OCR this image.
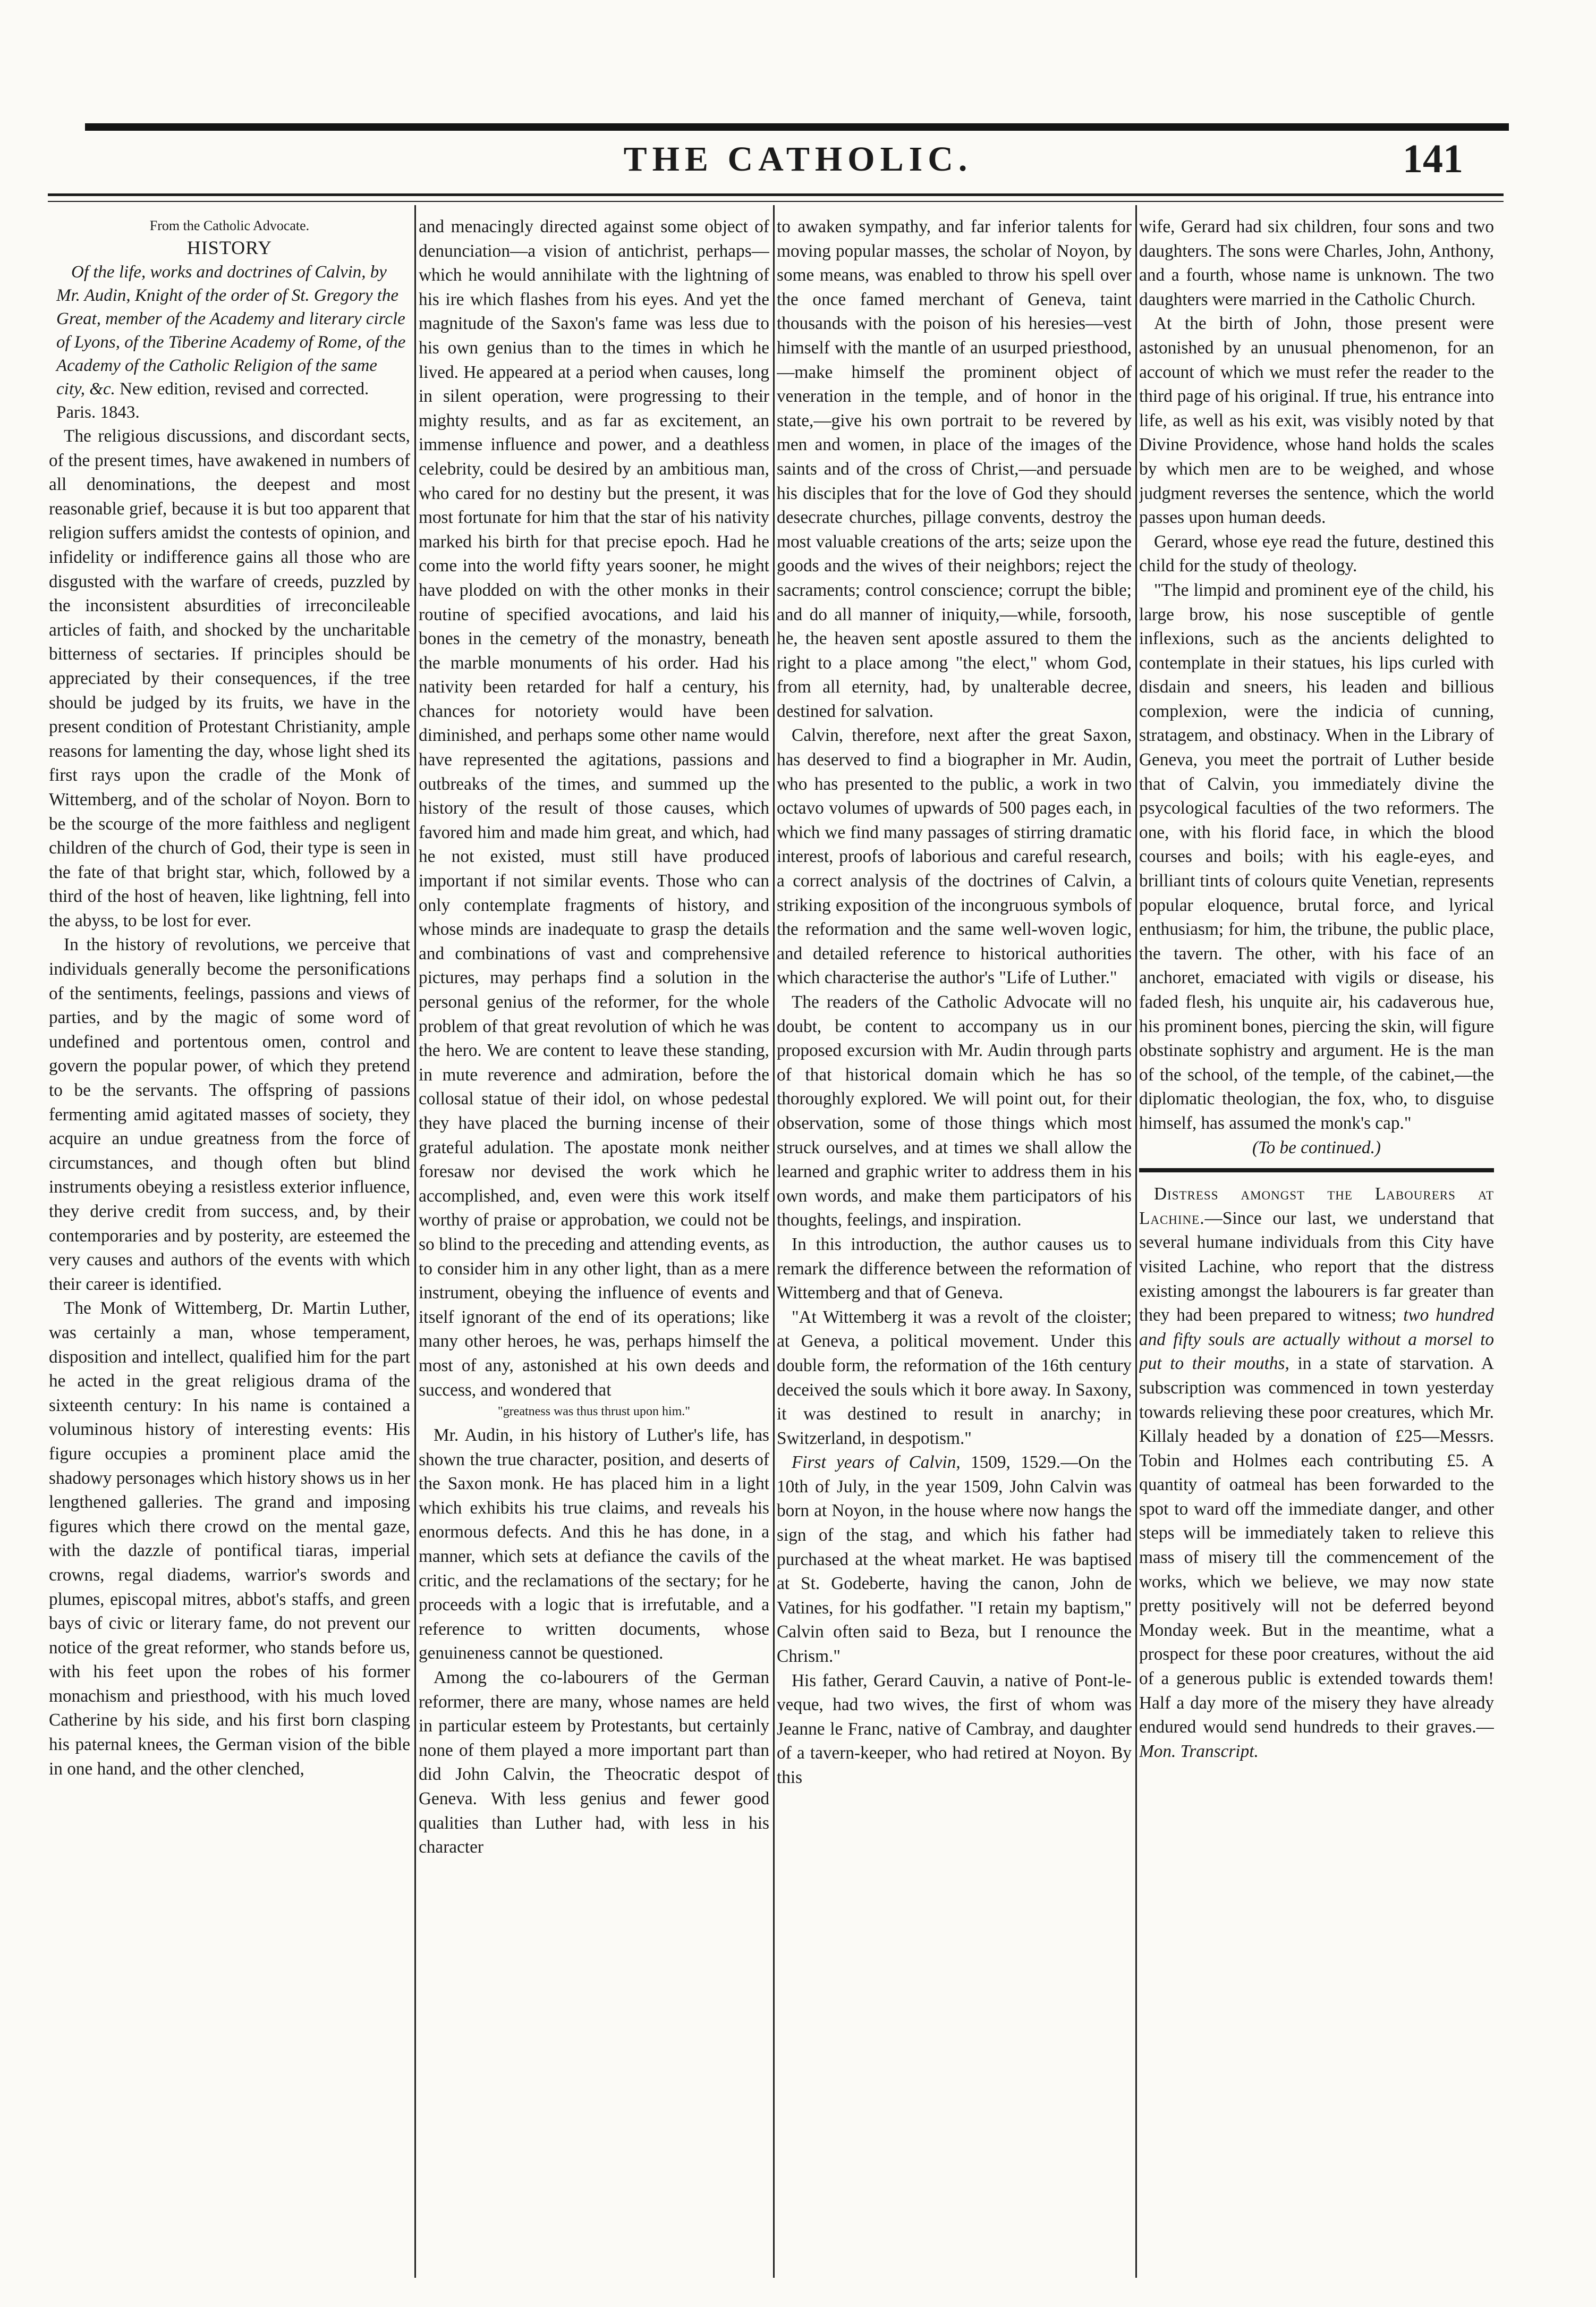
THE CATHOLIC.	141
From the Catholic Advocate.
HISTORY

Of the life, works and doctrines of Calvin, by Mr. Audin, Knight of the order of St. Gregory the Great, member of the Academy and literary circle of Lyons, of the Tiberine Academy of Rome, of the Academy of the Catholic Religion of the same city, &c. New edition, revised and corrected. Paris. 1843.

The religious discussions, and discordant sects, of the present times, have awakened in numbers of all denominations, the deepest and most reasonable grief, because it is but too apparent that religion suffers amidst the contests of opinion, and infidelity or indifference gains all those who are disgusted with the warfare of creeds, puzzled by the inconsistent absurdities of irreconcileable articles of faith, and shocked by the uncharitable bitterness of sectaries. If principles should be appreciated by their consequences, if the tree should be judged by its fruits, we have in the present condition of Protestant Christianity, ample reasons for lamenting the day, whose light shed its first rays upon the cradle of the Monk of Wittemberg, and of the scholar of Noyon. Born to be the scourge of the more faithless and negligent children of the church of God, their type is seen in the fate of that bright star, which, followed by a third of the host of heaven, like lightning, fell into the abyss, to be lost for ever.

In the history of revolutions, we perceive that individuals generally become the personifications of the sentiments, feelings, passions and views of parties, and by the magic of some word of undefined and portentous omen, control and govern the popular power, of which they pretend to be the servants. The offspring of passions fermenting amid agitated masses of society, they acquire an undue greatness from the force of circumstances, and though often but blind instruments obeying a resistless exterior influence, they derive credit from success, and, by their contemporaries and by posterity, are esteemed the very causes and authors of the events with which their career is identified.

The Monk of Wittemberg, Dr. Martin Luther, was certainly a man, whose temperament, disposition and intellect, qualified him for the part he acted in the great religious drama of the sixteenth century: In his name is contained a voluminous history of interesting events: His figure occupies a prominent place amid the shadowy personages which history shows us in her lengthened galleries. The grand and imposing figures which there crowd on the mental gaze, with the dazzle of pontifical tiaras, imperial crowns, regal diadems, warrior's swords and plumes, episcopal mitres, abbot's staffs, and green bays of civic or literary fame, do not prevent our notice of the great reformer, who stands before us, with his feet upon the robes of his former monachism and priesthood, with his much loved Catherine by his side, and his first born clasping his paternal knees, the German vision of the bible in one hand, and the other clenched,

and menacingly directed against some object of denunciation—a vision of antichrist, perhaps—which he would annihilate with the lightning of his ire which flashes from his eyes. And yet the magnitude of the Saxon's fame was less due to his own genius than to the times in which he lived. He appeared at a period when causes, long in silent operation, were progressing to their mighty results, and as far as excitement, an immense influence and power, and a deathless celebrity, could be desired by an ambitious man, who cared for no destiny but the present, it was most fortunate for him that the star of his nativity marked his birth for that precise epoch. Had he come into the world fifty years sooner, he might have plodded on with the other monks in their routine of specified avocations, and laid his bones in the cemetry of the monastry, beneath the marble monuments of his order. Had his nativity been retarded for half a century, his chances for notoriety would have been diminished, and perhaps some other name would have represented the agitations, passions and outbreaks of the times, and summed up the history of the result of those causes, which favored him and made him great, and which, had he not existed, must still have produced important if not similar events. Those who can only contemplate fragments of history, and whose minds are inadequate to grasp the details and combinations of vast and comprehensive pictures, may perhaps find a solution in the personal genius of the reformer, for the whole problem of that great revolution of which he was the hero. We are content to leave these standing, in mute reverence and admiration, before the collosal statue of their idol, on whose pedestal they have placed the burning incense of their grateful adulation. The apostate monk neither foresaw nor devised the work which he accomplished, and, even were this work itself worthy of praise or approbation, we could not be so blind to the preceding and attending events, as to consider him in any other light, than as a mere instrument, obeying the influence of events and itself ignorant of the end of its operations; like many other heroes, he was, perhaps himself the most of any, astonished at his own deeds and success, and wondered that

"greatness was thus thrust upon him."

Mr. Audin, in his history of Luther's life, has shown the true character, position, and deserts of the Saxon monk. He has placed him in a light which exhibits his true claims, and reveals his enormous defects. And this he has done, in a manner, which sets at defiance the cavils of the critic, and the reclamations of the sectary; for he proceeds with a logic that is irrefutable, and a reference to written documents, whose genuineness cannot be questioned.

Among the co-labourers of the German reformer, there are many, whose names are held in particular esteem by Protestants, but certainly none of them played a more important part than did John Calvin, the Theocratic despot of Geneva. With less genius and fewer good qualities than Luther had, with less in his character

to awaken sympathy, and far inferior talents for moving popular masses, the scholar of Noyon, by some means, was enabled to throw his spell over the once famed merchant of Geneva, taint thousands with the poison of his heresies—vest himself with the mantle of an usurped priesthood,—make himself the prominent object of veneration in the temple, and of honor in the state,—give his own portrait to be revered by men and women, in place of the images of the saints and of the cross of Christ,—and persuade his disciples that for the love of God they should desecrate churches, pillage convents, destroy the most valuable creations of the arts; seize upon the goods and the wives of their neighbors; reject the sacraments; control conscience; corrupt the bible; and do all manner of iniquity,—while, forsooth, he, the heaven sent apostle assured to them the right to a place among "the elect," whom God, from all eternity, had, by unalterable decree, destined for salvation.

Calvin, therefore, next after the great Saxon, has deserved to find a biographer in Mr. Audin, who has presented to the public, a work in two octavo volumes of upwards of 500 pages each, in which we find many passages of stirring dramatic interest, proofs of laborious and careful research, a correct analysis of the doctrines of Calvin, a striking exposition of the incongruous symbols of the reformation and the same well-woven logic, and detailed reference to historical authorities which characterise the author's "Life of Luther."

The readers of the Catholic Advocate will no doubt, be content to accompany us in our proposed excursion with Mr. Audin through parts of that historical domain which he has so thoroughly explored. We will point out, for their observation, some of those things which most struck ourselves, and at times we shall allow the learned and graphic writer to address them in his own words, and make them participators of his thoughts, feelings, and inspiration.

In this introduction, the author causes us to remark the difference between the reformation of Wittemberg and that of Geneva.

"At Wittemberg it was a revolt of the cloister; at Geneva, a political movement. Under this double form, the reformation of the 16th century deceived the souls which it bore away. In Saxony, it was destined to result in anarchy; in Switzerland, in despotism."

First years of Calvin, 1509, 1529.—On the 10th of July, in the year 1509, John Calvin was born at Noyon, in the house where now hangs the sign of the stag, and which his father had purchased at the wheat market. He was baptised at St. Godeberte, having the canon, John de Vatines, for his godfather. "I retain my baptism," Calvin often said to Beza, but I renounce the Chrism."

His father, Gerard Cauvin, a native of Pont-le-veque, had two wives, the first of whom was Jeanne le Franc, native of Cambray, and daughter of a tavern-keeper, who had retired at Noyon. By this

wife, Gerard had six children, four sons and two daughters. The sons were Charles, John, Anthony, and a fourth, whose name is unknown. The two daughters were married in the Catholic Church.

At the birth of John, those present were astonished by an unusual phenomenon, for an account of which we must refer the reader to the third page of his original. If true, his entrance into life, as well as his exit, was visibly noted by that Divine Providence, whose hand holds the scales by which men are to be weighed, and whose judgment reverses the sentence, which the world passes upon human deeds.

Gerard, whose eye read the future, destined this child for the study of theology.

"The limpid and prominent eye of the child, his large brow, his nose susceptible of gentle inflexions, such as the ancients delighted to contemplate in their statues, his lips curled with disdain and sneers, his leaden and billious complexion, were the indicia of cunning, stratagem, and obstinacy. When in the Library of Geneva, you meet the portrait of Luther beside that of Calvin, you immediately divine the psycological faculties of the two reformers. The one, with his florid face, in which the blood courses and boils; with his eagle-eyes, and brilliant tints of colours quite Venetian, represents popular eloquence, brutal force, and lyrical enthusiasm; for him, the tribune, the public place, the tavern. The other, with his face of an anchoret, emaciated with vigils or disease, his faded flesh, his unquite air, his cadaverous hue, his prominent bones, piercing the skin, will figure obstinate sophistry and argument. He is the man of the school, of the temple, of the cabinet,—the diplomatic theologian, the fox, who, to disguise himself, has assumed the monk's cap."

(To be continued.)

Distress amongst the Labourers at Lachine.—Since our last, we understand that several humane individuals from this City have visited Lachine, who report that the distress existing amongst the labourers is far greater than they had been prepared to witness; two hundred and fifty souls are actually without a morsel to put to their mouths, in a state of starvation. A subscription was commenced in town yesterday towards relieving these poor creatures, which Mr. Killaly headed by a donation of £25—Messrs. Tobin and Holmes each contributing £5. A quantity of oatmeal has been forwarded to the spot to ward off the immediate danger, and other steps will be immediately taken to relieve this mass of misery till the commencement of the works, which we believe, we may now state pretty positively will not be deferred beyond Monday week. But in the meantime, what a prospect for these poor creatures, without the aid of a generous public is extended towards them! Half a day more of the misery they have already endured would send hundreds to their graves.—Mon. Transcript.
